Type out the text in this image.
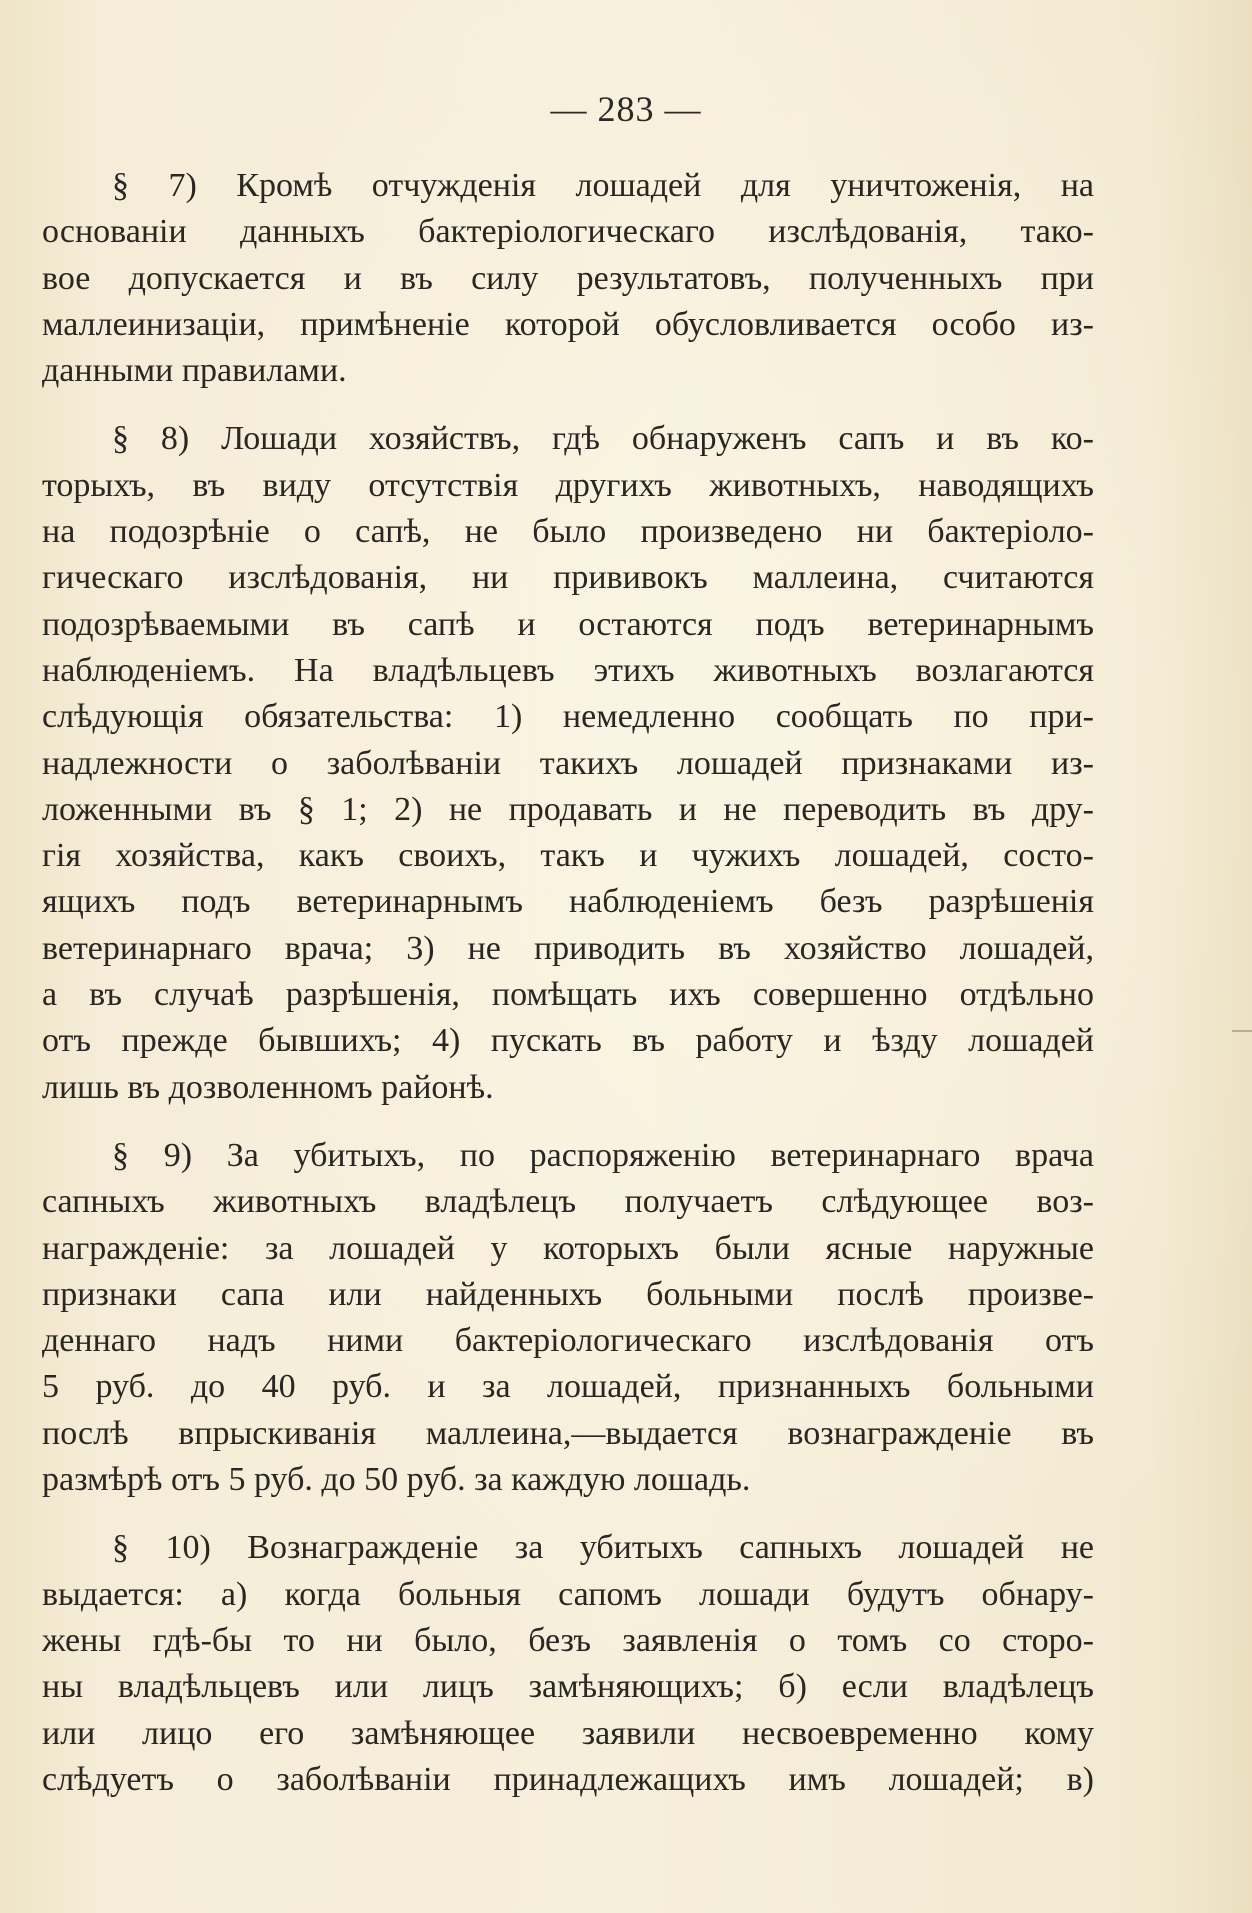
— 283 —
§ 7) Кромѣ отчужденія лошадей для уничтоженія, на
основаніи данныхъ бактеріологическаго изслѣдованія, тако-
вое допускается и въ силу результатовъ, полученныхъ при
маллеинизаціи, примѣненіе которой обусловливается особо из-
данными правилами.
§ 8) Лошади хозяйствъ, гдѣ обнаруженъ сапъ и въ ко-
торыхъ, въ виду отсутствія другихъ животныхъ, наводящихъ
на подозрѣніе о сапѣ, не было произведено ни бактеріоло-
гическаго изслѣдованія, ни прививокъ маллеина, считаются
подозрѣваемыми въ сапѣ и остаются подъ ветеринарнымъ
наблюденіемъ. На владѣльцевъ этихъ животныхъ возлагаются
слѣдующія обязательства: 1) немедленно сообщать по при-
надлежности о заболѣваніи такихъ лошадей признаками из-
ложенными въ § 1; 2) не продавать и не переводить въ дру-
гія хозяйства, какъ своихъ, такъ и чужихъ лошадей, состо-
ящихъ подъ ветеринарнымъ наблюденіемъ безъ разрѣшенія
ветеринарнаго врача; 3) не приводить въ хозяйство лошадей,
а въ случаѣ разрѣшенія, помѣщать ихъ совершенно отдѣльно
отъ прежде бывшихъ; 4) пускать въ работу и ѣзду лошадей
лишь въ дозволенномъ районѣ.
§ 9) За убитыхъ, по распоряженію ветеринарнаго врача
сапныхъ животныхъ владѣлецъ получаетъ слѣдующее воз-
награжденіе: за лошадей у которыхъ были ясные наружные
признаки сапа или найденныхъ больными послѣ произве-
деннаго надъ ними бактеріологическаго изслѣдованія отъ
5 руб. до 40 руб. и за лошадей, признанныхъ больными
послѣ впрыскиванія маллеина,—выдается вознагражденіе въ
размѣрѣ отъ 5 руб. до 50 руб. за каждую лошадь.
§ 10) Вознагражденіе за убитыхъ сапныхъ лошадей не
выдается: а) когда больныя сапомъ лошади будутъ обнару-
жены гдѣ-бы то ни было, безъ заявленія о томъ со сторо-
ны владѣльцевъ или лицъ замѣняющихъ; б) если владѣлецъ
или лицо его замѣняющее заявили несвоевременно кому
слѣдуетъ о заболѣваніи принадлежащихъ имъ лошадей; в)
